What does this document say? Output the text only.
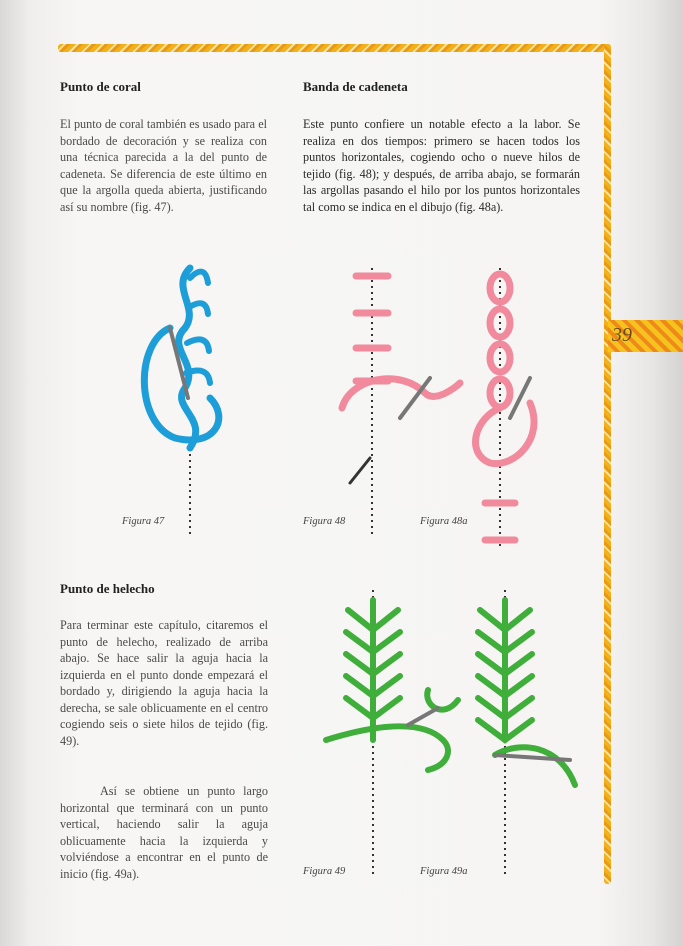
39
Punto de coral

El punto de coral también es usado para el bordado de decoración y se realiza con una técnica parecida a la del punto de cadeneta. Se diferencia de este último en que la argolla queda abierta, justificando así su nombre (fig. 47).

Punto de helecho

Para terminar este capítulo, citaremos el punto de helecho, realizado de arriba abajo. Se hace salir la aguja hacia la izquierda en el punto donde empezará el bordado y, dirigiendo la aguja hacia la derecha, se sale oblicuamente en el centro cogiendo seis o siete hilos de tejido (fig. 49).

Así se obtiene un punto largo horizontal que terminará con un punto vertical, haciendo salir la aguja oblicuamente hacia la izquierda y volviéndose a encontrar en el punto de inicio (fig. 49a).

Banda de cadeneta

Este punto confiere un notable efecto a la labor. Se realiza en dos tiempos: primero se hacen todos los puntos horizontales, cogiendo ocho o nueve hilos de tejido (fig. 48); y después, de arriba abajo, se formarán las argollas pasando el hilo por los puntos horizontales tal como se indica en el dibujo (fig. 48a).

Figura 47	Figura 48	Figura 48a
Figura 49	Figura 49a
